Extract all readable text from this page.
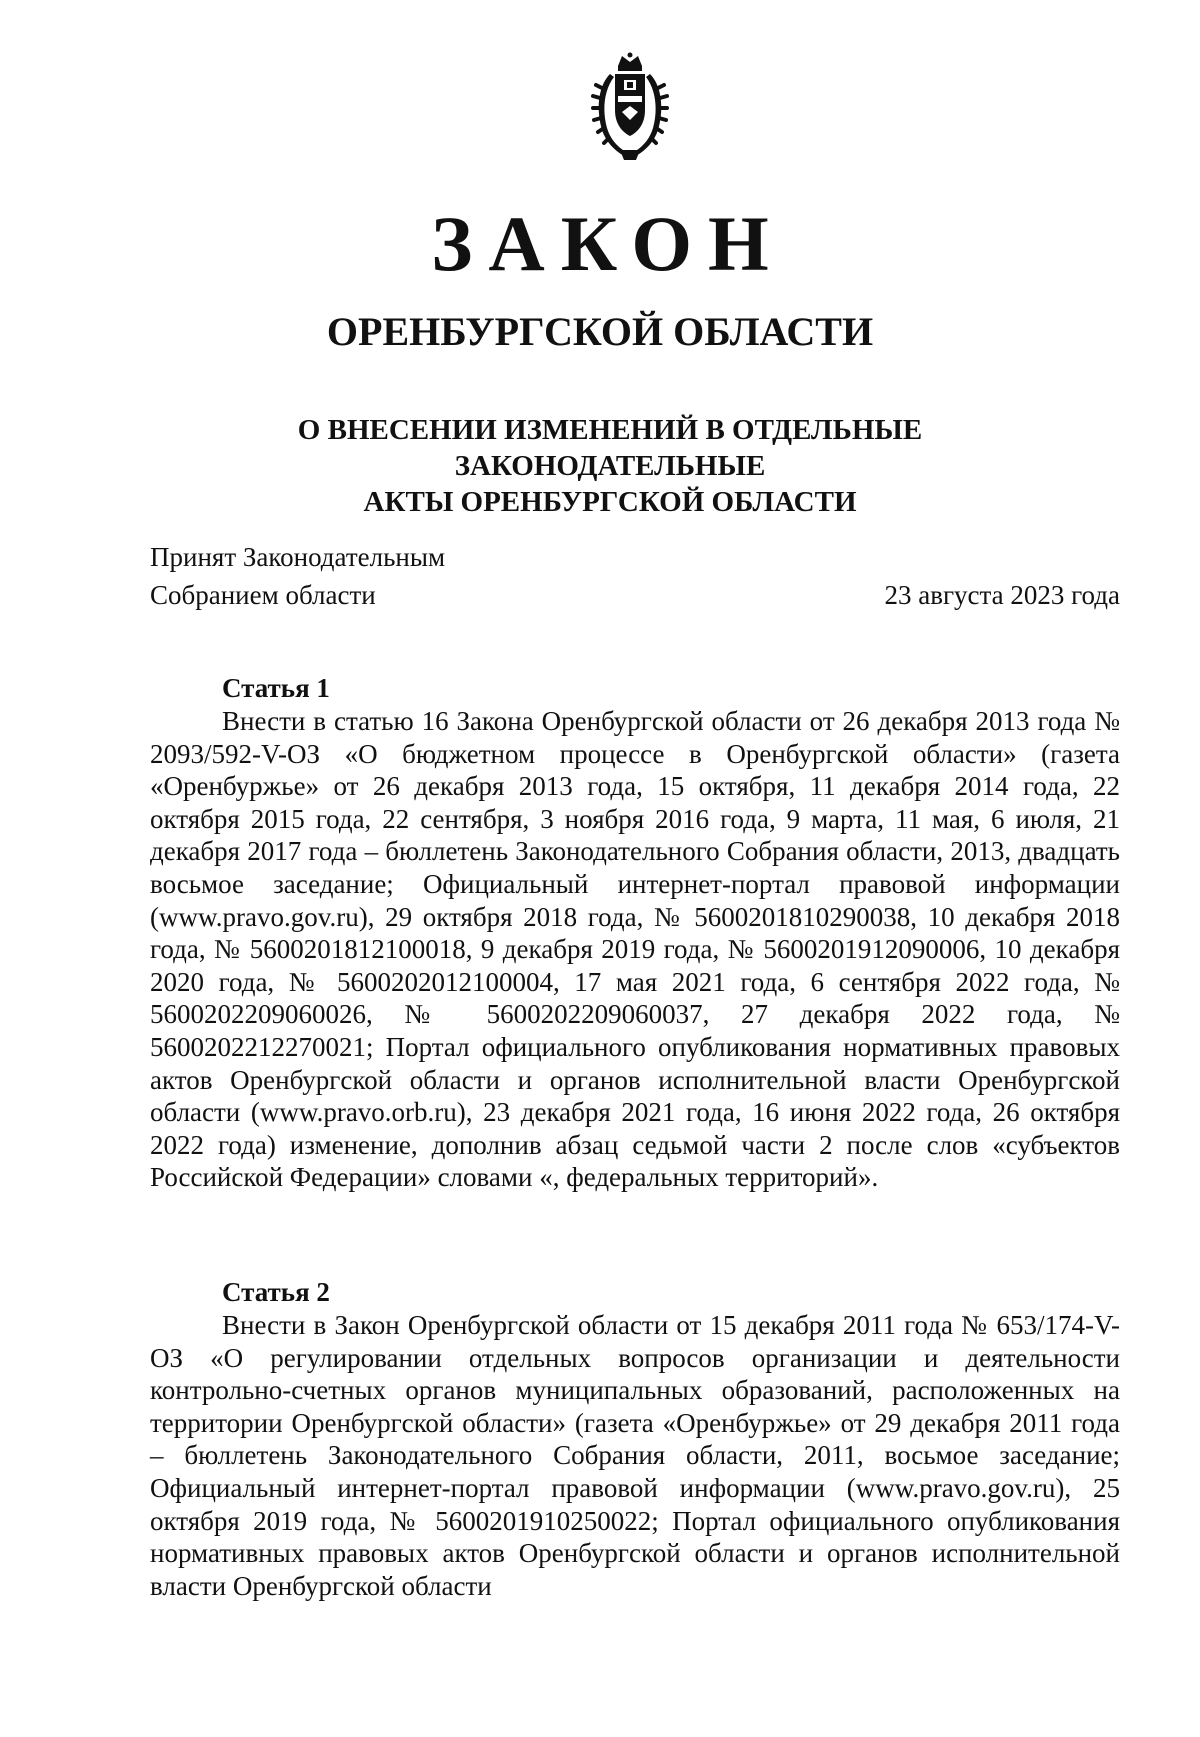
ЗАКОН
ОРЕНБУРГСКОЙ ОБЛАСТИ
О ВНЕСЕНИИ ИЗМЕНЕНИЙ В ОТДЕЛЬНЫЕ ЗАКОНОДАТЕЛЬНЫЕ
АКТЫ ОРЕНБУРГСКОЙ ОБЛАСТИ
Принят Законодательным
Собранием области	23 августа 2023 года
Статья 1

Внести в статью 16 Закона Оренбургской области от 26 декабря 2013 года № 2093/592-V-ОЗ «О бюджетном процессе в Оренбургской области» (газета «Оренбуржье» от 26 декабря 2013 года, 15 октября, 11 декабря 2014 года, 22 октября 2015 года, 22 сентября, 3 ноября 2016 года, 9 марта, 11 мая, 6 июля, 21 декабря 2017 года – бюллетень Законодательного Собрания области, 2013, двадцать восьмое заседание; Официальный интернет-портал правовой информации (www.pravo.gov.ru), 29 октября 2018 года, № 5600201810290038, 10 декабря 2018 года, № 5600201812100018, 9 декабря 2019 года, № 5600201912090006, 10 декабря 2020 года, № 5600202012100004, 17 мая 2021 года, 6 сентября 2022 года, № 5600202209060026, № 5600202209060037, 27 декабря 2022 года, № 5600202212270021; Портал официального опубликования нормативных правовых актов Оренбургской области и органов исполнительной власти Оренбургской области (www.pravo.orb.ru), 23 декабря 2021 года, 16 июня 2022 года, 26 октября 2022 года) изменение, дополнив абзац седьмой части 2 после слов «субъектов Российской Федерации» словами «, федеральных территорий».

Статья 2

Внести в Закон Оренбургской области от 15 декабря 2011 года № 653/174-V-ОЗ «О регулировании отдельных вопросов организации и деятельности контрольно-счетных органов муниципальных образований, расположенных на территории Оренбургской области» (газета «Оренбуржье» от 29 декабря 2011 года – бюллетень Законодательного Собрания области, 2011, восьмое заседание; Официальный интернет-портал правовой информации (www.pravo.gov.ru), 25 октября 2019 года, № 5600201910250022; Портал официального опубликования нормативных правовых актов Оренбургской области и органов исполнительной власти Оренбургской области
